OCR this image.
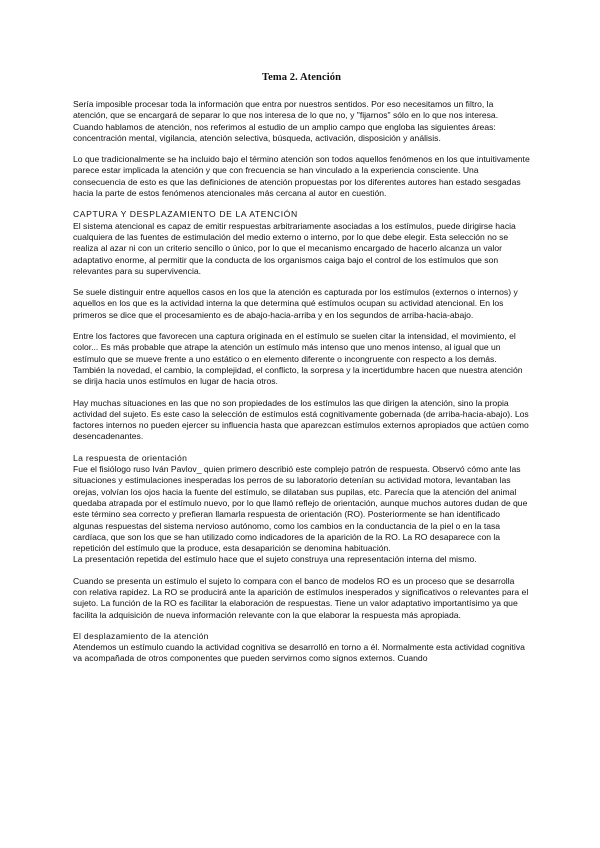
Tema 2. Atención

Sería imposible procesar toda la información que entra por nuestros sentidos. Por eso necesitamos un filtro, la atención, que se encargará de separar lo que nos interesa de lo que no, y "fijarnos" sólo en lo que nos interesa. Cuando hablamos de atención, nos referimos al estudio de un amplio campo que engloba las siguientes áreas: concentración mental, vigilancia, atención selectiva, búsqueda, activación, disposición y análisis.

Lo que tradicionalmente se ha incluido bajo el término atención son todos aquellos fenómenos en los que intuitivamente parece estar implicada la atención y que con frecuencia se han vinculado a la experiencia consciente. Una consecuencia de esto es que las definiciones de atención propuestas por los diferentes autores han estado sesgadas hacia la parte de estos fenómenos atencionales más cercana al autor en cuestión.

CAPTURA Y DESPLAZAMIENTO DE LA ATENCIÓN

El sistema atencional es capaz de emitir respuestas arbitrariamente asociadas a los estímulos, puede dirigirse hacia cualquiera de las fuentes de estimulación del medio externo o interno, por lo que debe elegir. Esta selección no se realiza al azar ni con un criterio sencillo o único, por lo que el mecanismo encargado de hacerlo alcanza un valor adaptativo enorme, al permitir que la conducta de los organismos caiga bajo el control de los estímulos que son relevantes para su supervivencia.

Se suele distinguir entre aquellos casos en los que la atención es capturada por los estímulos (externos o internos) y aquellos en los que es la actividad interna la que determina qué estímulos ocupan su actividad atencional. En los primeros se dice que el procesamiento es de abajo-hacia-arriba y en los segundos de arriba-hacia-abajo.

Entre los factores que favorecen una captura originada en el estímulo se suelen citar la intensidad, el movimiento, el color... Es más probable que atrape la atención un estímulo más intenso que uno menos intenso, al igual que un estímulo que se mueve frente a uno estático o en elemento diferente o incongruente con respecto a los demás. También la novedad, el cambio, la complejidad, el conflicto, la sorpresa y la incertidumbre hacen que nuestra atención se dirija hacia unos estímulos en lugar de hacia otros.

Hay muchas situaciones en las que no son propiedades de los estímulos las que dirigen la atención, sino la propia actividad del sujeto. Es este caso la selección de estímulos está cognitivamente gobernada (de arriba-hacia-abajo). Los factores internos no pueden ejercer su influencia hasta que aparezcan estímulos externos apropiados que actúen como desencadenantes.

La respuesta de orientación

Fue el fisiólogo ruso Iván Pavlov_ quien primero describió este complejo patrón de respuesta. Observó cómo ante las situaciones y estimulaciones inesperadas los perros de su laboratorio detenían su actividad motora, levantaban las orejas, volvían los ojos hacia la fuente del estímulo, se dilataban sus pupilas, etc. Parecía que la atención del animal quedaba atrapada por el estímulo nuevo, por lo que llamó reflejo de orientación, aunque muchos autores dudan de que este término sea correcto y prefieran llamarla respuesta de orientación (RO). Posteriormente se han identificado algunas respuestas del sistema nervioso autónomo, como los cambios en la conductancia de la piel o en la tasa cardíaca, que son los que se han utilizado como indicadores de la aparición de la RO. La RO desaparece con la repetición del estímulo que la produce, esta desaparición se denomina habituación.

La presentación repetida del estímulo hace que el sujeto construya una representación interna del mismo.

Cuando se presenta un estímulo el sujeto lo compara con el banco de modelos RO es un proceso que se desarrolla con relativa rapidez. La RO se producirá ante la aparición de estímulos inesperados y significativos o relevantes para el sujeto. La función de la RO es facilitar la elaboración de respuestas. Tiene un valor adaptativo importantísimo ya que facilita la adquisición de nueva información relevante con la que elaborar la respuesta más apropiada.

El desplazamiento de la atención

Atendemos un estímulo cuando la actividad cognitiva se desarrolló en torno a él. Normalmente esta actividad cognitiva va acompañada de otros componentes que pueden servirnos como signos externos. Cuando
